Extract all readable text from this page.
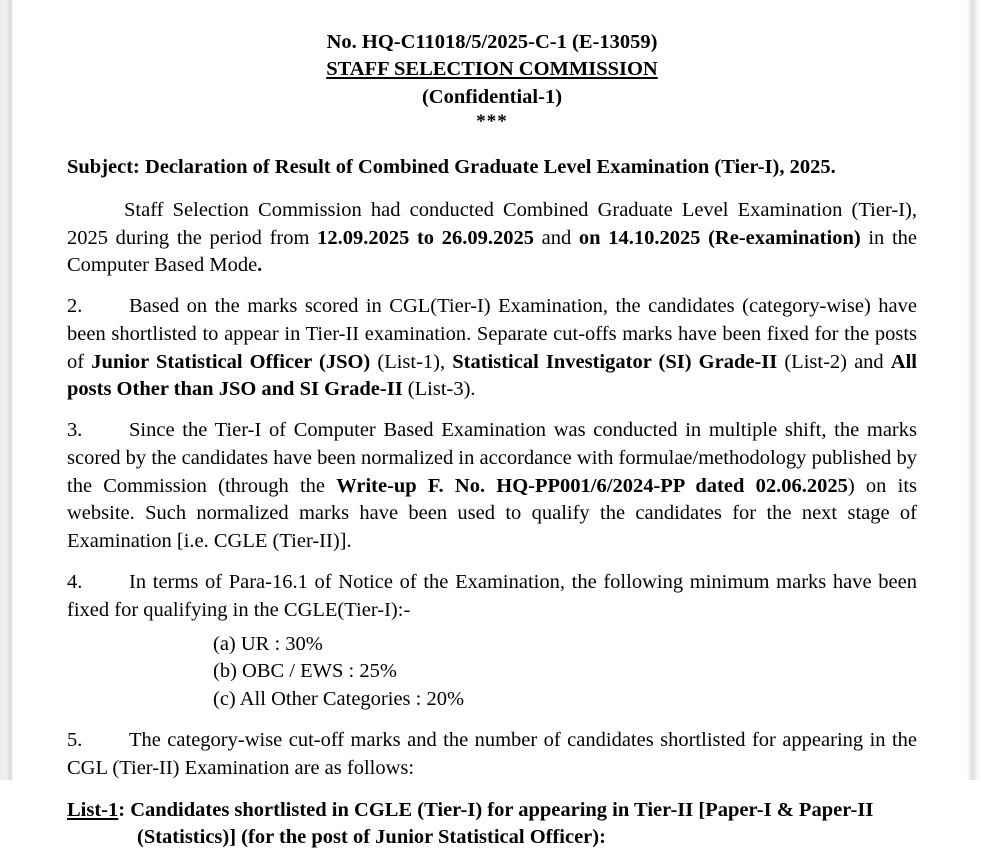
No. HQ-C11018/5/2025-C-1 (E-13059)
STAFF SELECTION COMMISSION
(Confidential-1)
***
Subject: Declaration of Result of Combined Graduate Level Examination (Tier-I), 2025.

Staff Selection Commission had conducted Combined Graduate Level Examination (Tier-I), 2025 during the period from 12.09.2025 to 26.09.2025 and on 14.10.2025 (Re-examination) in the Computer Based Mode.

2. Based on the marks scored in CGL(Tier-I) Examination, the candidates (category-wise) have been shortlisted to appear in Tier-II examination. Separate cut-offs marks have been fixed for the posts of Junior Statistical Officer (JSO) (List-1), Statistical Investigator (SI) Grade-II (List-2) and All posts Other than JSO and SI Grade-II (List-3).

3. Since the Tier-I of Computer Based Examination was conducted in multiple shift, the marks scored by the candidates have been normalized in accordance with formulae/methodology published by the Commission (through the Write-up F. No. HQ-PP001/6/2024-PP dated 02.06.2025) on its website. Such normalized marks have been used to qualify the candidates for the next stage of Examination [i.e. CGLE (Tier-II)].

4. In terms of Para-16.1 of Notice of the Examination, the following minimum marks have been fixed for qualifying in the CGLE(Tier-I):-

(a) UR : 30%
(b) OBC / EWS : 25%
(c) All Other Categories : 20%

5. The category-wise cut-off marks and the number of candidates shortlisted for appearing in the CGL (Tier-II) Examination are as follows:

List-1: Candidates shortlisted in CGLE (Tier-I) for appearing in Tier-II [Paper-I & Paper-II (Statistics)] (for the post of Junior Statistical Officer):
